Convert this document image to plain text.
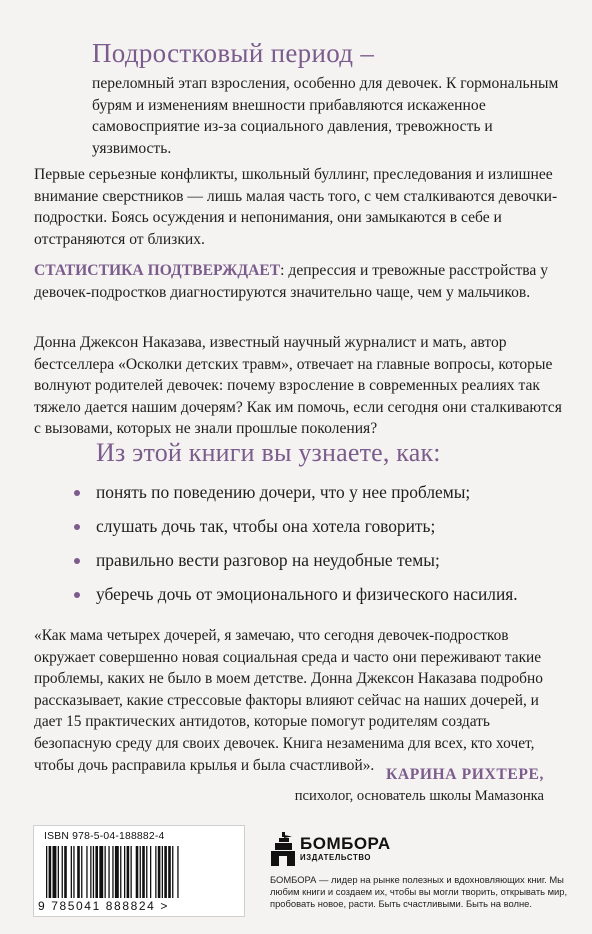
Подростковый период –

переломный этап взросления, особенно для девочек. К гормональным бурям и изменениям внешности прибавляются искаженное самовосприятие из-за социального давления, тревожность и уязвимость.

Первые серьезные конфликты, школьный буллинг, преследования и излишнее внимание сверстников — лишь малая часть того, с чем сталкиваются девочки-подростки. Боясь осуждения и непонимания, они замыкаются в себе и отстраняются от близких.

СТАТИСТИКА ПОДТВЕРЖДАЕТ: депрессия и тревожные расстройства у девочек-подростков диагностируются значительно чаще, чем у мальчиков.

Донна Джексон Наказава, известный научный журналист и мать, автор бестселлера «Осколки детских травм», отвечает на главные вопросы, которые волнуют родителей девочек: почему взросление в современных реалиях так тяжело дается нашим дочерям? Как им помочь, если сегодня они сталкиваются с вызовами, которых не знали прошлые поколения?

Из этой книги вы узнаете, как:
понять по поведению дочери, что у нее проблемы;
слушать дочь так, чтобы она хотела говорить;
правильно вести разговор на неудобные темы;
уберечь дочь от эмоционального и физического насилия.

«Как мама четырех дочерей, я замечаю, что сегодня девочек-подростков окружает совершенно новая социальная среда и часто они переживают такие проблемы, каких не было в моем детстве. Донна Джексон Наказава подробно рассказывает, какие стрессовые факторы влияют сейчас на наших дочерей, и дает 15 практических антидотов, которые помогут родителям создать безопасную среду для своих девочек. Книга незаменима для всех, кто хочет, чтобы дочь расправила крылья и была счастливой».

КАРИНА РИХТЕРЕ,
психолог, основатель школы Мамазонка
ISBN 978-5-04-188882-4
9 785041 888824 >
БОМБОРА
ИЗДАТЕЛЬСТВО

БОМБОРА — лидер на рынке полезных и вдохновляющих книг. Мы любим книги и создаем их, чтобы вы могли творить, открывать мир, пробовать новое, расти. Быть счастливыми. Быть на волне.
